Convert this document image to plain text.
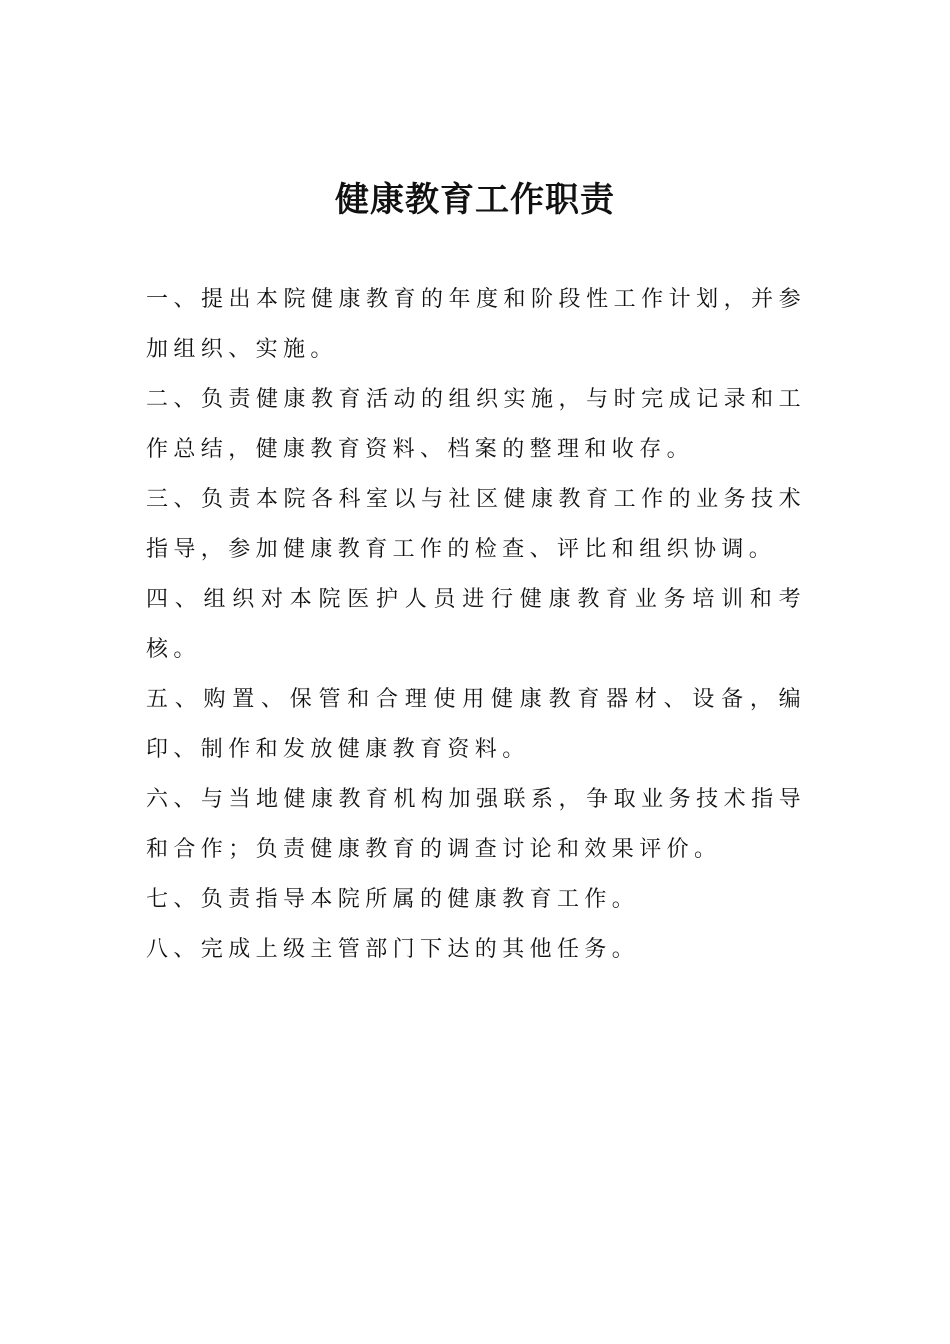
健康教育工作职责

一、提出本院健康教育的年度和阶段性工作计划，并参加组织、实施。

二、负责健康教育活动的组织实施，与时完成记录和工作总结，健康教育资料、档案的整理和收存。

三、负责本院各科室以与社区健康教育工作的业务技术指导，参加健康教育工作的检查、评比和组织协调。

四、组织对本院医护人员进行健康教育业务培训和考核。

五、购置、保管和合理使用健康教育器材、设备，编印、制作和发放健康教育资料。

六、与当地健康教育机构加强联系，争取业务技术指导和合作；负责健康教育的调查讨论和效果评价。

七、负责指导本院所属的健康教育工作。

八、完成上级主管部门下达的其他任务。
